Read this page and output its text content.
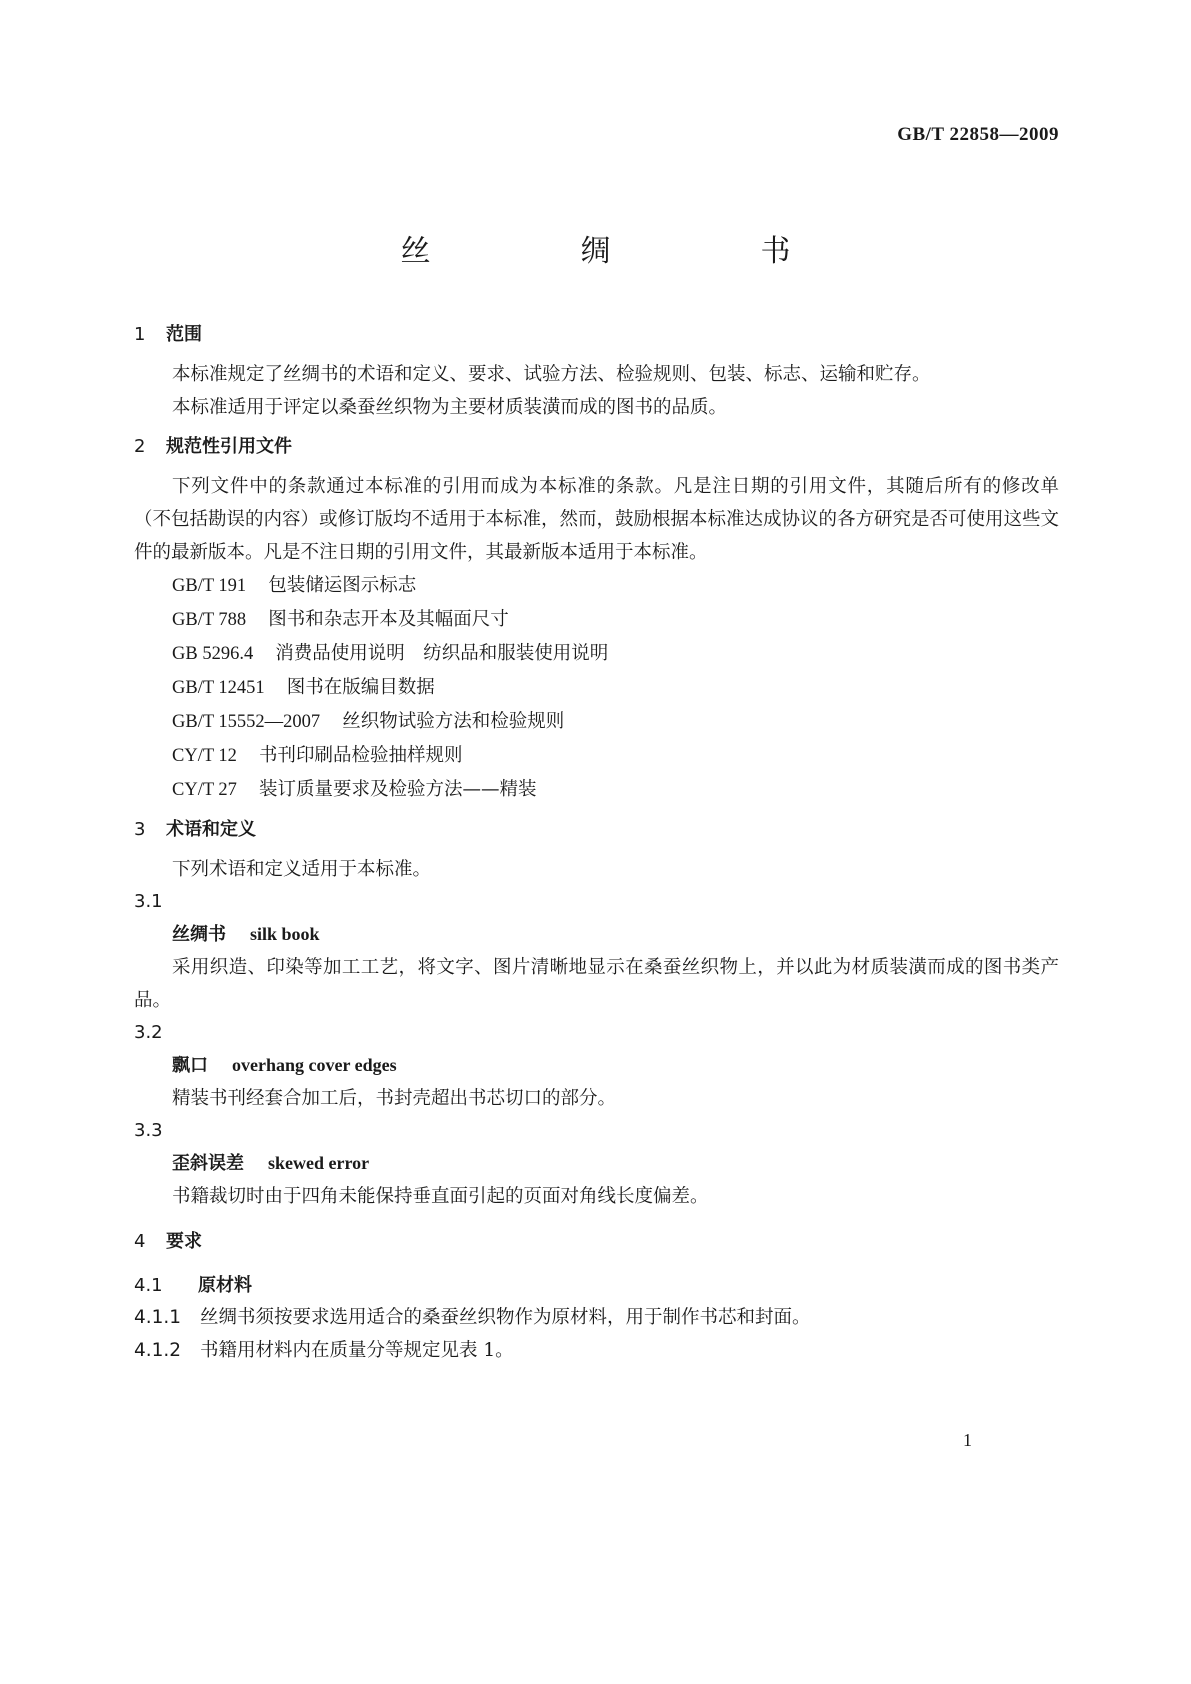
GB/T 22858—2009
丝　绸　书
1 范围
本标准规定了丝绸书的术语和定义、要求、试验方法、检验规则、包装、标志、运输和贮存。
本标准适用于评定以桑蚕丝织物为主要材质装潢而成的图书的品质。
2 规范性引用文件
下列文件中的条款通过本标准的引用而成为本标准的条款。凡是注日期的引用文件，其随后所有的修改单（不包括勘误的内容）或修订版均不适用于本标准，然而，鼓励根据本标准达成协议的各方研究是否可使用这些文件的最新版本。凡是不注日期的引用文件，其最新版本适用于本标准。
GB/T 191 包装储运图示标志
GB/T 788 图书和杂志开本及其幅面尺寸
GB 5296.4 消费品使用说明　纺织品和服装使用说明
GB/T 12451 图书在版编目数据
GB/T 15552—2007 丝织物试验方法和检验规则
CY/T 12 书刊印刷品检验抽样规则
CY/T 27 装订质量要求及检验方法——精装
3 术语和定义
下列术语和定义适用于本标准。
3.1
丝绸书 silk book
采用织造、印染等加工工艺，将文字、图片清晰地显示在桑蚕丝织物上，并以此为材质装潢而成的图书类产品。
3.2
飘口 overhang cover edges
精装书刊经套合加工后，书封壳超出书芯切口的部分。
3.3
歪斜误差 skewed error
书籍裁切时由于四角未能保持垂直面引起的页面对角线长度偏差。
4 要求
4.1 原材料
4.1.1 丝绸书须按要求选用适合的桑蚕丝织物作为原材料，用于制作书芯和封面。
4.1.2 书籍用材料内在质量分等规定见表 1。
1
